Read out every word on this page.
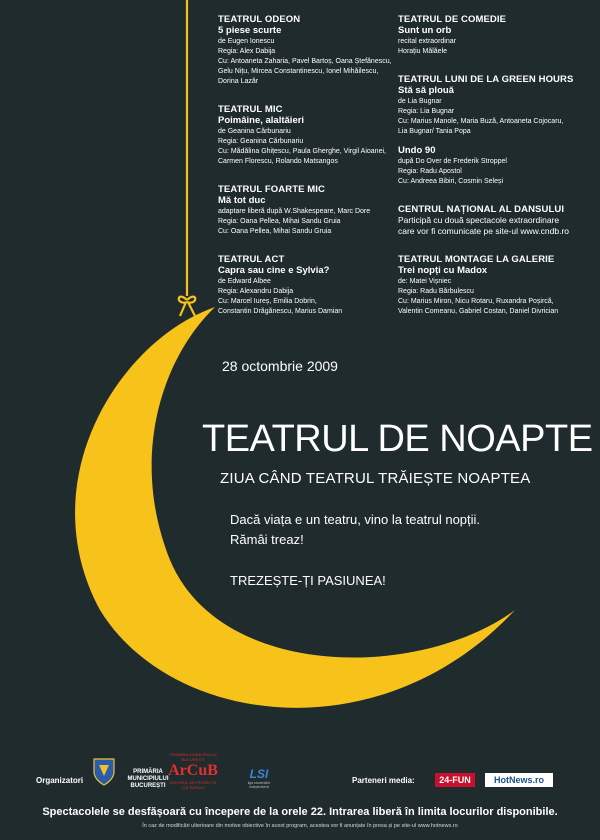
TEATRUL ODEON
5 piese scurte
de Eugen Ionescu
Regia: Alex Dabija
Cu: Antoaneta Zaharia, Pavel Bartoș, Oana Ștefănescu,
Gelu Nițu, Mircea Constantinescu, Ionel Mihăilescu,
Dorina Lazăr
TEATRUL MIC
Poimâine, alaltăieri
de Geanina Cărbunariu
Regia: Geanina Cărbunariu
Cu: Mădălina Ghițescu, Paula Gherghe, Virgil Aioanei,
Carmen Florescu, Rolando Matsangos
TEATRUL FOARTE MIC
Mă tot duc
adaptare liberă după W.Shakespeare, Marc Dore
Regia: Oana Pellea, Mihai Sandu Gruia
Cu: Oana Pellea, Mihai Sandu Gruia
TEATRUL ACT
Capra sau cine e Sylvia?
de Edward Albee
Regia: Alexandru Dabija
Cu: Marcel Iureș, Emilia Dobrin,
Constantin Drăgănescu, Marius Damian
TEATRUL DE COMEDIE
Sunt un orb
recital extraordinar
Horațiu Mălăele
TEATRUL LUNI DE LA GREEN HOURS
Stă să plouă
de Lia Bugnar
Regia: Lia Bugnar
Cu: Marius Manole, Maria Buză, Antoaneta Cojocaru,
Lia Bugnar/ Tania Popa
Undo 90
după Do Over de Frederik Stroppel
Regia: Radu Apostol
Cu: Andreea Bibiri, Cosmin Seleși
CENTRUL NAȚIONAL AL DANSULUI
Participă cu două spectacole extraordinare
care vor fi comunicate pe site-ul www.cndb.ro
TEATRUL MONTAGE LA GALERIE
Trei nopți cu Madox
de: Matei Vișniec
Regia: Radu Bărbulescu
Cu: Marius Miron, Nicu Rotaru, Ruxandra Poșircă,
Valentin Comeanu, Gabriel Costan, Daniel Divrician
28 octombrie 2009
TEATRUL DE NOAPTE
ZIUA CÂND TEATRUL TRĂIEȘTE NOAPTEA
Dacă viața e un teatru, vino la teatrul nopții.
Rămâi treaz!
TREZEȘTE-ȚI PASIUNEA!
Organizatori
PRIMĂRIA MUNICIPIULUI BUCUREȘTI
PRIMĂRIA MUNICIPIULUI BUCUREȘTI
ArCuB
CENTRUL DE PROIECTE CULTURALE
LSI
liga studenților independenți
Parteneri media:	24-FUN	HotNews.ro
Spectacolele se desfășoară cu începere de la orele 22. Intrarea liberă în limita locurilor disponibile.
În caz de modificări ulterioare din motive obiective în acest program, acestea vor fi anunțate în presa și pe site-ul www.hotnews.ro
